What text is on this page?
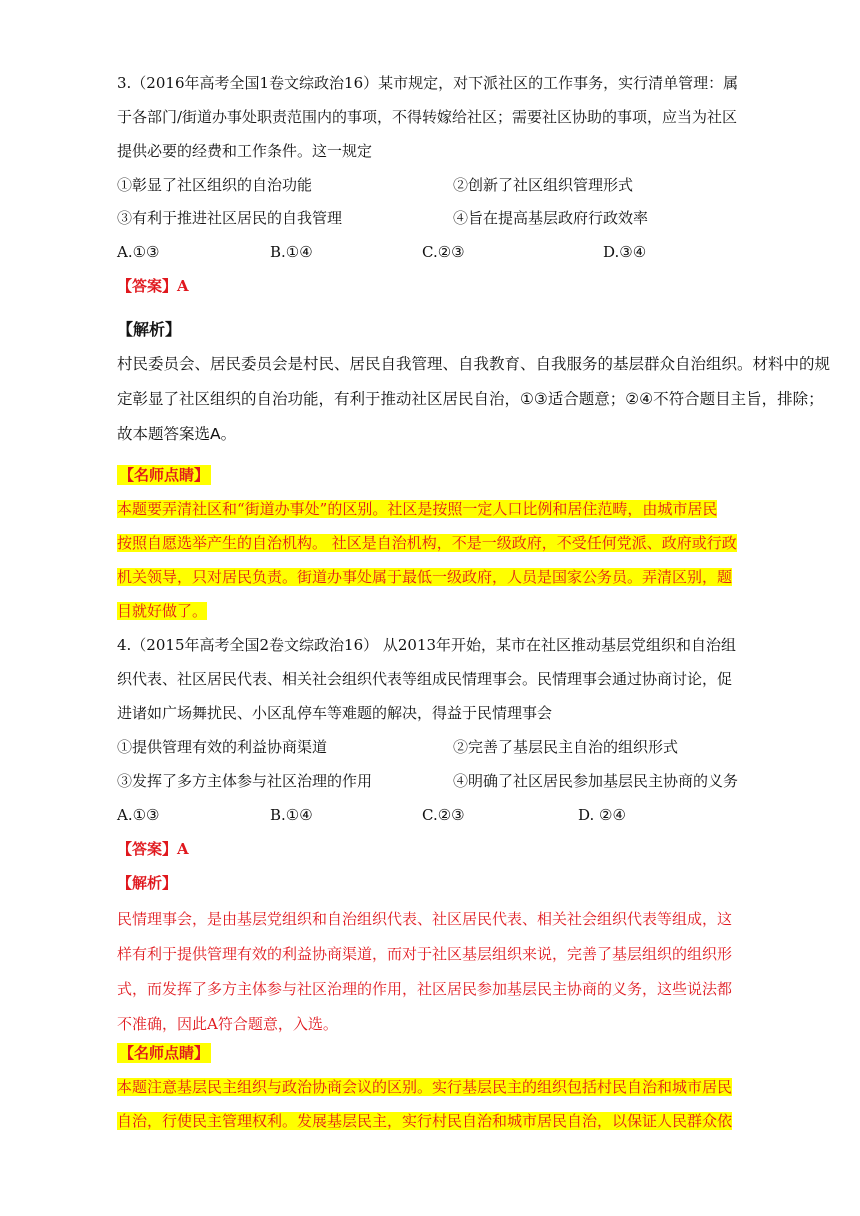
3.（2016年高考全国1卷文综政治16）某市规定，对下派社区的工作事务，实行清单管理：属
于各部门/街道办事处职责范围内的事项，不得转嫁给社区；需要社区协助的事项，应当为社区
提供必要的经费和工作条件。这一规定
①彰显了社区组织的自治功能	②创新了社区组织管理形式
③有利于推进社区居民的自我管理	④旨在提高基层政府行政效率
A.①③	B.①④	C.②③	D.③④
【答案】A
【解析】
村民委员会、居民委员会是村民、居民自我管理、自我教育、自我服务的基层群众自治组织。材料中的规
定彰显了社区组织的自治功能，有利于推动社区居民自治，①③适合题意；②④不符合题目主旨，排除；
故本题答案选A。
【名师点睛】
本题要弄清社区和“街道办事处”的区别。社区是按照一定人口比例和居住范畴，由城市居民
按照自愿选举产生的自治机构。 社区是自治机构，不是一级政府，不受任何党派、政府或行政
机关领导，只对居民负责。街道办事处属于最低一级政府，人员是国家公务员。弄清区别，题
目就好做了。
4.（2015年高考全国2卷文综政治16） 从2013年开始，某市在社区推动基层党组织和自治组
织代表、社区居民代表、相关社会组织代表等组成民情理事会。民情理事会通过协商讨论，促
进诸如广场舞扰民、小区乱停车等难题的解决，得益于民情理事会
①提供管理有效的利益协商渠道	②完善了基层民主自治的组织形式
③发挥了多方主体参与社区治理的作用	④明确了社区居民参加基层民主协商的义务
A.①③	B.①④	C.②③	D. ②④
【答案】A
【解析】
民情理事会，是由基层党组织和自治组织代表、社区居民代表、相关社会组织代表等组成，这
样有利于提供管理有效的利益协商渠道，而对于社区基层组织来说，完善了基层组织的组织形
式，而发挥了多方主体参与社区治理的作用，社区居民参加基层民主协商的义务，这些说法都
不准确，因此A符合题意，入选。
【名师点睛】
本题注意基层民主组织与政治协商会议的区别。实行基层民主的组织包括村民自治和城市居民
自治，行使民主管理权利。发展基层民主，实行村民自治和城市居民自治，以保证人民群众依
